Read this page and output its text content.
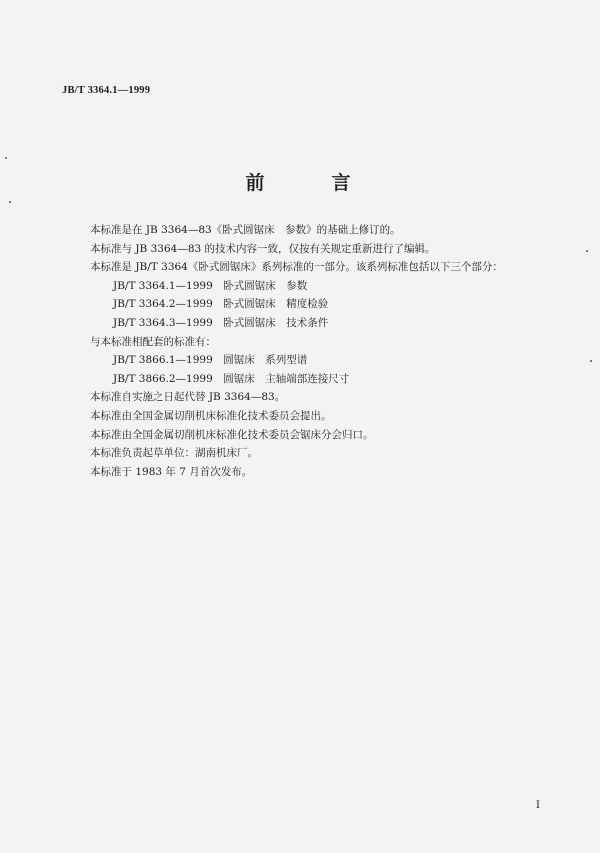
JB/T 3364.1—1999
前　言
本标准是在 JB 3364—83《卧式圆锯床　参数》的基础上修订的。
本标准与 JB 3364—83 的技术内容一致，仅按有关规定重新进行了编辑。
本标准是 JB/T 3364《卧式圆锯床》系列标准的一部分。该系列标准包括以下三个部分：
JB/T 3364.1—1999　卧式圆锯床　参数
JB/T 3364.2—1999　卧式圆锯床　精度检验
JB/T 3364.3—1999　卧式圆锯床　技术条件
与本标准相配套的标准有：
JB/T 3866.1—1999　圆锯床　系列型谱
JB/T 3866.2—1999　圆锯床　主轴端部连接尺寸
本标准自实施之日起代替 JB 3364—83。
本标准由全国金属切削机床标准化技术委员会提出。
本标准由全国金属切削机床标准化技术委员会锯床分会归口。
本标准负责起草单位：湖南机床厂。
本标准于 1983 年 7 月首次发布。
I
